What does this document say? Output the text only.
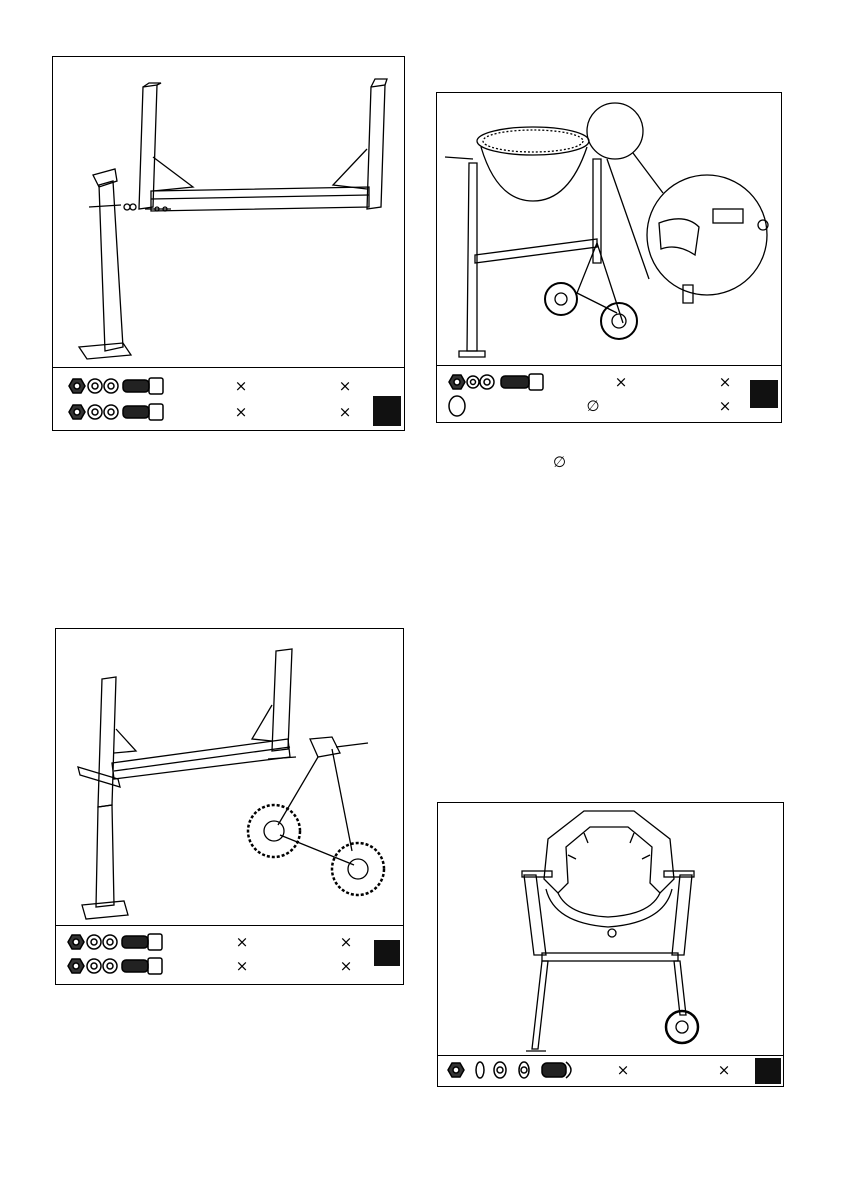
×	×
×	×
×	×
∅	×
∅
×	×
×	×
×	×
